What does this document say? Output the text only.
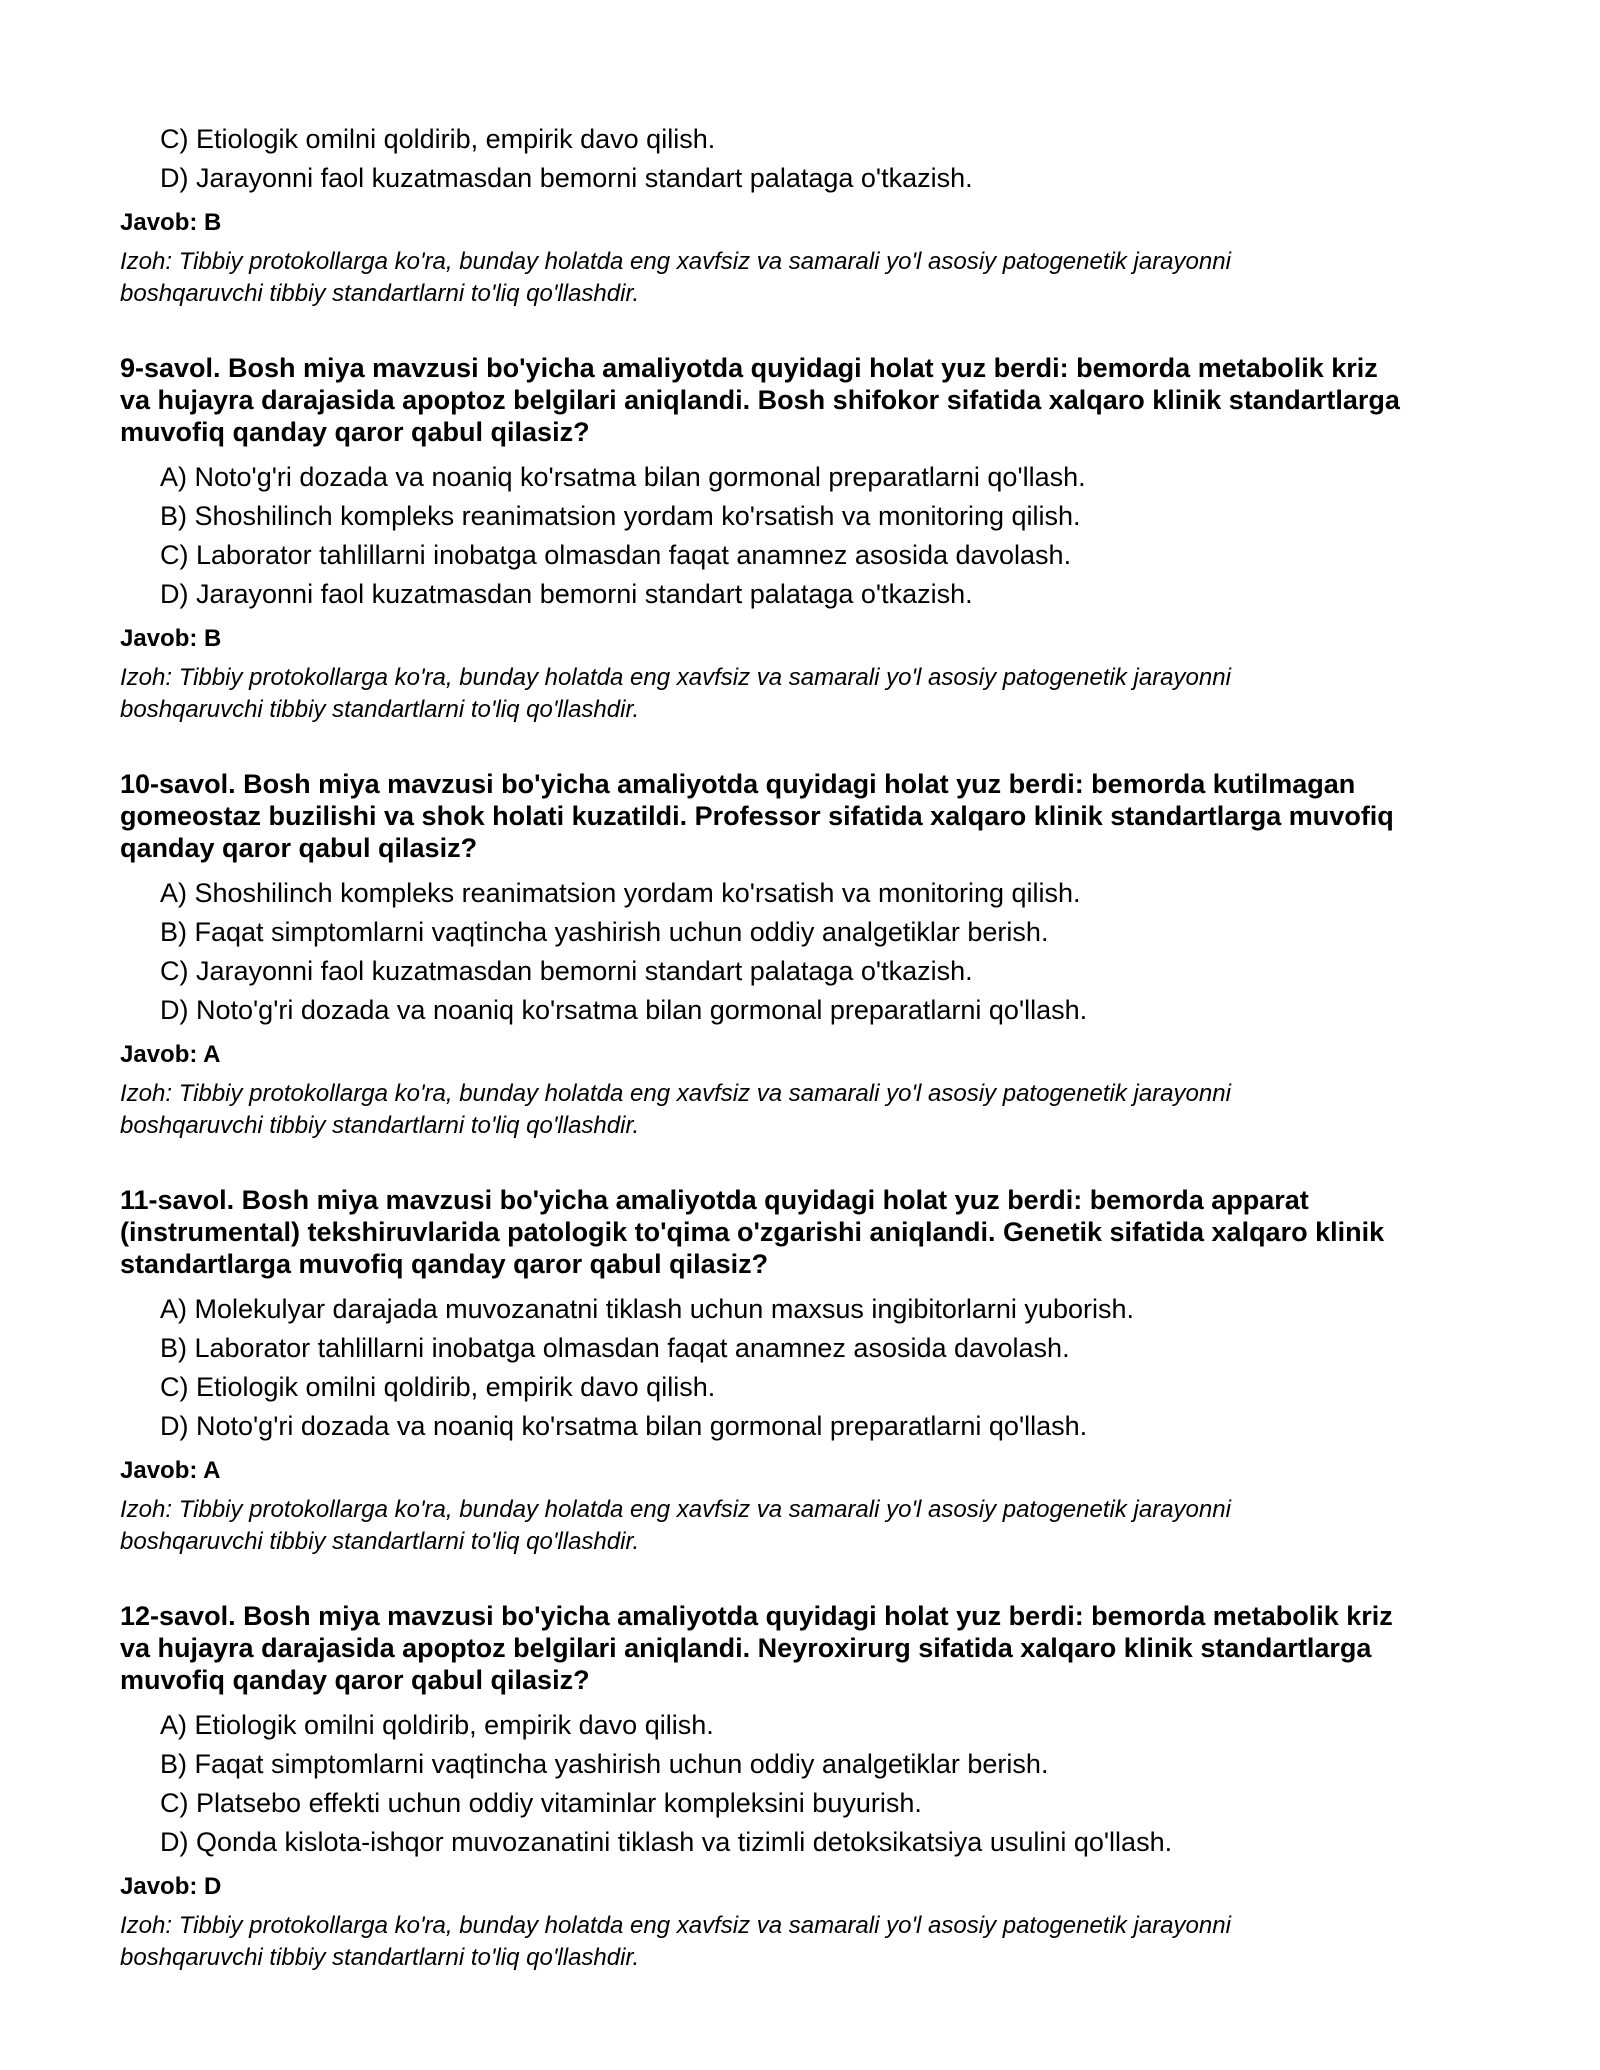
C) Etiologik omilni qoldirib, empirik davo qilish.
D) Jarayonni faol kuzatmasdan bemorni standart palataga o'tkazish.
Javob: B
Izoh: Tibbiy protokollarga ko'ra, bunday holatda eng xavfsiz va samarali yo'l asosiy patogenetik jarayonni
boshqaruvchi tibbiy standartlarni to'liq qo'llashdir.
9-savol. Bosh miya mavzusi bo'yicha amaliyotda quyidagi holat yuz berdi: bemorda metabolik kriz
va hujayra darajasida apoptoz belgilari aniqlandi. Bosh shifokor sifatida xalqaro klinik standartlarga
muvofiq qanday qaror qabul qilasiz?
A) Noto'g'ri dozada va noaniq ko'rsatma bilan gormonal preparatlarni qo'llash.
B) Shoshilinch kompleks reanimatsion yordam ko'rsatish va monitoring qilish.
C) Laborator tahlillarni inobatga olmasdan faqat anamnez asosida davolash.
D) Jarayonni faol kuzatmasdan bemorni standart palataga o'tkazish.
Javob: B
Izoh: Tibbiy protokollarga ko'ra, bunday holatda eng xavfsiz va samarali yo'l asosiy patogenetik jarayonni
boshqaruvchi tibbiy standartlarni to'liq qo'llashdir.
10-savol. Bosh miya mavzusi bo'yicha amaliyotda quyidagi holat yuz berdi: bemorda kutilmagan
gomeostaz buzilishi va shok holati kuzatildi. Professor sifatida xalqaro klinik standartlarga muvofiq
qanday qaror qabul qilasiz?
A) Shoshilinch kompleks reanimatsion yordam ko'rsatish va monitoring qilish.
B) Faqat simptomlarni vaqtincha yashirish uchun oddiy analgetiklar berish.
C) Jarayonni faol kuzatmasdan bemorni standart palataga o'tkazish.
D) Noto'g'ri dozada va noaniq ko'rsatma bilan gormonal preparatlarni qo'llash.
Javob: A
Izoh: Tibbiy protokollarga ko'ra, bunday holatda eng xavfsiz va samarali yo'l asosiy patogenetik jarayonni
boshqaruvchi tibbiy standartlarni to'liq qo'llashdir.
11-savol. Bosh miya mavzusi bo'yicha amaliyotda quyidagi holat yuz berdi: bemorda apparat
(instrumental) tekshiruvlarida patologik to'qima o'zgarishi aniqlandi. Genetik sifatida xalqaro klinik
standartlarga muvofiq qanday qaror qabul qilasiz?
A) Molekulyar darajada muvozanatni tiklash uchun maxsus ingibitorlarni yuborish.
B) Laborator tahlillarni inobatga olmasdan faqat anamnez asosida davolash.
C) Etiologik omilni qoldirib, empirik davo qilish.
D) Noto'g'ri dozada va noaniq ko'rsatma bilan gormonal preparatlarni qo'llash.
Javob: A
Izoh: Tibbiy protokollarga ko'ra, bunday holatda eng xavfsiz va samarali yo'l asosiy patogenetik jarayonni
boshqaruvchi tibbiy standartlarni to'liq qo'llashdir.
12-savol. Bosh miya mavzusi bo'yicha amaliyotda quyidagi holat yuz berdi: bemorda metabolik kriz
va hujayra darajasida apoptoz belgilari aniqlandi. Neyroxirurg sifatida xalqaro klinik standartlarga
muvofiq qanday qaror qabul qilasiz?
A) Etiologik omilni qoldirib, empirik davo qilish.
B) Faqat simptomlarni vaqtincha yashirish uchun oddiy analgetiklar berish.
C) Platsebo effekti uchun oddiy vitaminlar kompleksini buyurish.
D) Qonda kislota-ishqor muvozanatini tiklash va tizimli detoksikatsiya usulini qo'llash.
Javob: D
Izoh: Tibbiy protokollarga ko'ra, bunday holatda eng xavfsiz va samarali yo'l asosiy patogenetik jarayonni
boshqaruvchi tibbiy standartlarni to'liq qo'llashdir.
